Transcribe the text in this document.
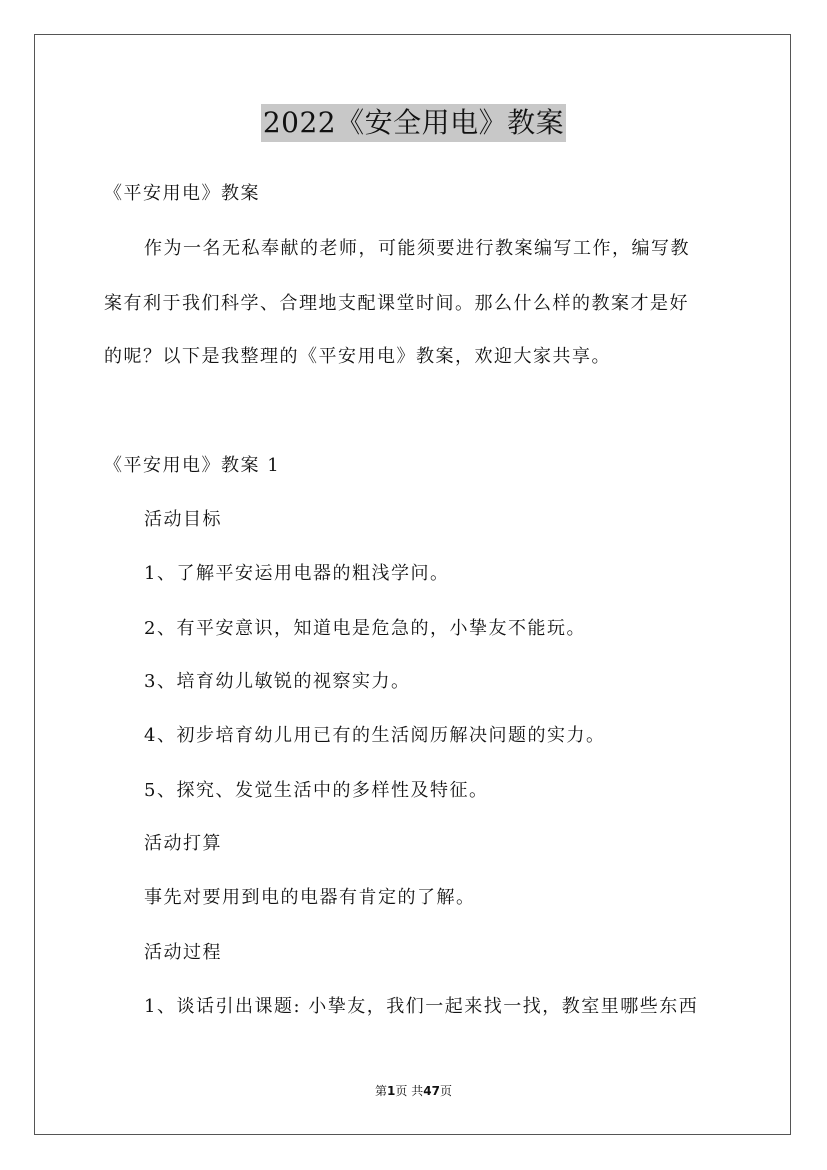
2022《安全用电》教案
《平安用电》教案
作为一名无私奉献的老师，可能须要进行教案编写工作，编写教
案有利于我们科学、合理地支配课堂时间。那么什么样的教案才是好
的呢？以下是我整理的《平安用电》教案，欢迎大家共享。
《平安用电》教案 1
活动目标
1、了解平安运用电器的粗浅学问。
2、有平安意识，知道电是危急的，小挚友不能玩。
3、培育幼儿敏锐的视察实力。
4、初步培育幼儿用已有的生活阅历解决问题的实力。
5、探究、发觉生活中的多样性及特征。
活动打算
事先对要用到电的电器有肯定的了解。
活动过程
1、谈话引出课题: 小挚友，我们一起来找一找，教室里哪些东西
第1页 共47页
